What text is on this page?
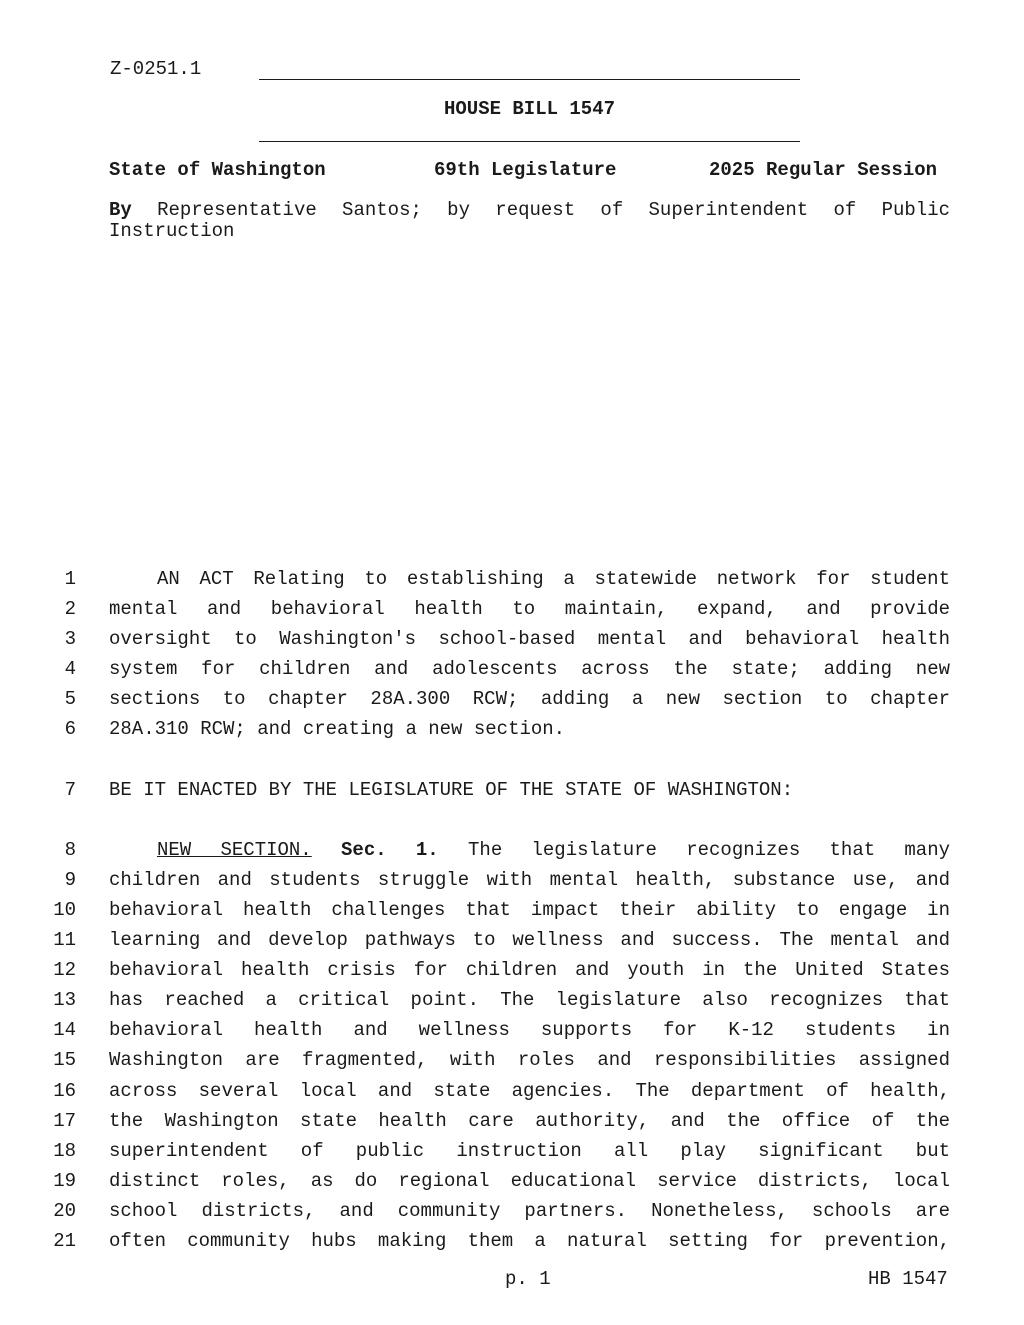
Z-0251.1
HOUSE BILL 1547
State of Washington	69th Legislature	2025 Regular Session
By Representative Santos; by request of Superintendent of Public
Instruction
1	AN ACT Relating to establishing a statewide network for student
2 mental and behavioral health to maintain, expand, and provide
3 oversight to Washington's school-based mental and behavioral health
4 system for children and adolescents across the state; adding new
5 sections to chapter 28A.300 RCW; adding a new section to chapter
6 28A.310 RCW; and creating a new section.
7 BE IT ENACTED BY THE LEGISLATURE OF THE STATE OF WASHINGTON:
8	NEW SECTION. Sec. 1. The legislature recognizes that many
9 children and students struggle with mental health, substance use, and
10 behavioral health challenges that impact their ability to engage in
11 learning and develop pathways to wellness and success. The mental and
12 behavioral health crisis for children and youth in the United States
13 has reached a critical point. The legislature also recognizes that
14 behavioral health and wellness supports for K-12 students in
15 Washington are fragmented, with roles and responsibilities assigned
16 across several local and state agencies. The department of health,
17 the Washington state health care authority, and the office of the
18 superintendent of public instruction all play significant but
19 distinct roles, as do regional educational service districts, local
20 school districts, and community partners. Nonetheless, schools are
21 often community hubs making them a natural setting for prevention,
p. 1	HB 1547
